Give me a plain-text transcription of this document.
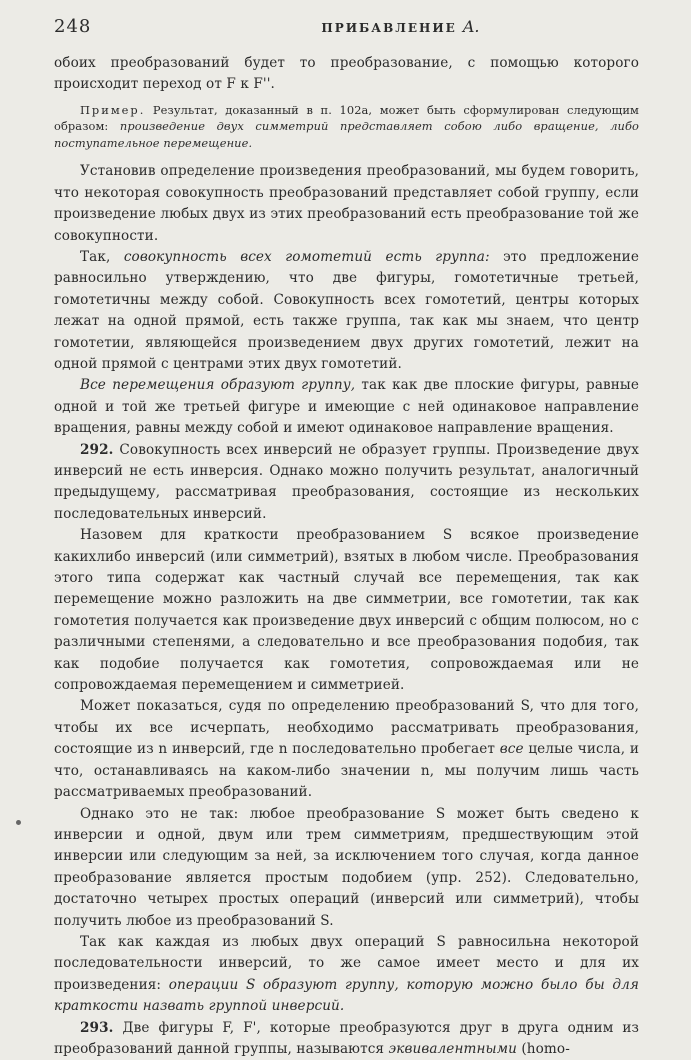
248	ПРИБАВЛЕНИЕ A.

обоих преобразований будет то преобразование, с помощью которого происходит переход от F к F''.

Пример. Результат, доказанный в п. 102а, может быть сформулирован следующим образом: произведение двух симметрий представляет собою либо вращение, либо поступательное перемещение.

Установив определение произведения преобразований, мы будем говорить, что некоторая совокупность преобразований представляет собой группу, если произведение любых двух из этих преобразований есть преобразование той же совокупности.

Так, совокупность всех гомотетий есть группа: это предложение равносильно утверждению, что две фигуры, гомотетичные третьей, гомотетичны между собой. Совокупность всех гомотетий, центры которых лежат на одной прямой, есть также группа, так как мы знаем, что центр гомотетии, являющейся произведением двух других гомотетий, лежит на одной прямой с центрами этих двух гомотетий.

Все перемещения образуют группу, так как две плоские фигуры, равные одной и той же третьей фигуре и имеющие с ней одинаковое направление вращения, равны между собой и имеют одинаковое направление вращения.

292. Совокупность всех инверсий не образует группы. Произведение двух инверсий не есть инверсия. Однако можно получить результат, аналогичный предыдущему, рассматривая преобразования, состоящие из нескольких последовательных инверсий.

Назовем для краткости преобразованием S всякое произведение какихлибо инверсий (или симметрий), взятых в любом числе. Преобразования этого типа содержат как частный случай все перемещения, так как перемещение можно разложить на две симметрии, все гомотетии, так как гомотетия получается как произведение двух инверсий с общим полюсом, но с различными степенями, а следовательно и все преобразования подобия, так как подобие получается как гомотетия, сопровождаемая или не сопровождаемая перемещением и симметрией.

Может показаться, судя по определению преобразований S, что для того, чтобы их все исчерпать, необходимо рассматривать преобразования, состоящие из n инверсий, где n последовательно пробегает все целые числа, и что, останавливаясь на каком-либо значении n, мы получим лишь часть рассматриваемых преобразований.

Однако это не так: любое преобразование S может быть сведено к инверсии и одной, двум или трем симметриям, предшествующим этой инверсии или следующим за ней, за исключением того случая, когда данное преобразование является простым подобием (упр. 252). Следовательно, достаточно четырех простых операций (инверсий или симметрий), чтобы получить любое из преобразований S.

Так как каждая из любых двух операций S равносильна некоторой последовательности инверсий, то же самое имеет место и для их произведения: операции S образуют группу, которую можно было бы для краткости назвать группой инверсий.

293. Две фигуры F, F', которые преобразуются друг в друга одним из преобразований данной группы, называются эквивалентными (homo-
